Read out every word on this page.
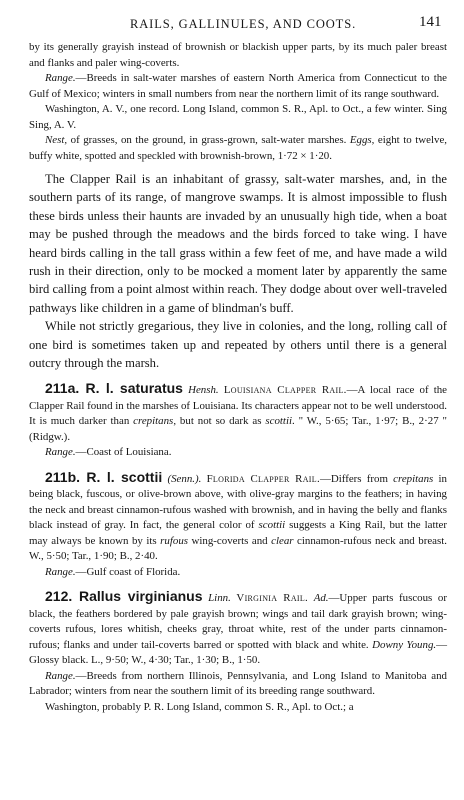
RAILS, GALLINULES, AND COOTS.	141

by its generally grayish instead of brownish or blackish upper parts, by its much paler breast and flanks and paler wing-coverts.

Range.—Breeds in salt-water marshes of eastern North America from Connecticut to the Gulf of Mexico; winters in small numbers from near the northern limit of its range southward.

Washington, A. V., one record. Long Island, common S. R., Apl. to Oct., a few winter. Sing Sing, A. V.

Nest, of grasses, on the ground, in grass-grown, salt-water marshes. Eggs, eight to twelve, buffy white, spotted and speckled with brownish-brown, 1·72 × 1·20.

The Clapper Rail is an inhabitant of grassy, salt-water marshes, and, in the southern parts of its range, of mangrove swamps. It is almost impossible to flush these birds unless their haunts are invaded by an unusually high tide, when a boat may be pushed through the meadows and the birds forced to take wing. I have heard birds calling in the tall grass within a few feet of me, and have made a wild rush in their direction, only to be mocked a moment later by apparently the same bird calling from a point almost within reach. They dodge about over well-traveled pathways like children in a game of blindman's buff.

While not strictly gregarious, they live in colonies, and the long, rolling call of one bird is sometimes taken up and repeated by others until there is a general outcry through the marsh.

211a. R. l. saturatus Hensh. Louisiana Clapper Rail.—A local race of the Clapper Rail found in the marshes of Louisiana. Its characters appear not to be well understood. It is much darker than crepitans, but not so dark as scottii. " W., 5·65; Tar., 1·97; B., 2·27 " (Ridgw.).

Range.—Coast of Louisiana.

211b. R. l. scottii (Senn.). Florida Clapper Rail.—Differs from crepitans in being black, fuscous, or olive-brown above, with olive-gray margins to the feathers; in having the neck and breast cinnamon-rufous washed with brownish, and in having the belly and flanks black instead of gray. In fact, the general color of scottii suggests a King Rail, but the latter may always be known by its rufous wing-coverts and clear cinnamon-rufous neck and breast. W., 5·50; Tar., 1·90; B., 2·40.

Range.—Gulf coast of Florida.

212. Rallus virginianus Linn. Virginia Rail. Ad.—Upper parts fuscous or black, the feathers bordered by pale grayish brown; wings and tail dark grayish brown; wing-coverts rufous, lores whitish, cheeks gray, throat white, rest of the under parts cinnamon-rufous; flanks and under tail-coverts barred or spotted with black and white. Downy Young.—Glossy black. L., 9·50; W., 4·30; Tar., 1·30; B., 1·50.

Range.—Breeds from northern Illinois, Pennsylvania, and Long Island to Manitoba and Labrador; winters from near the southern limit of its breeding range southward.

Washington, probably P. R. Long Island, common S. R., Apl. to Oct.; a
